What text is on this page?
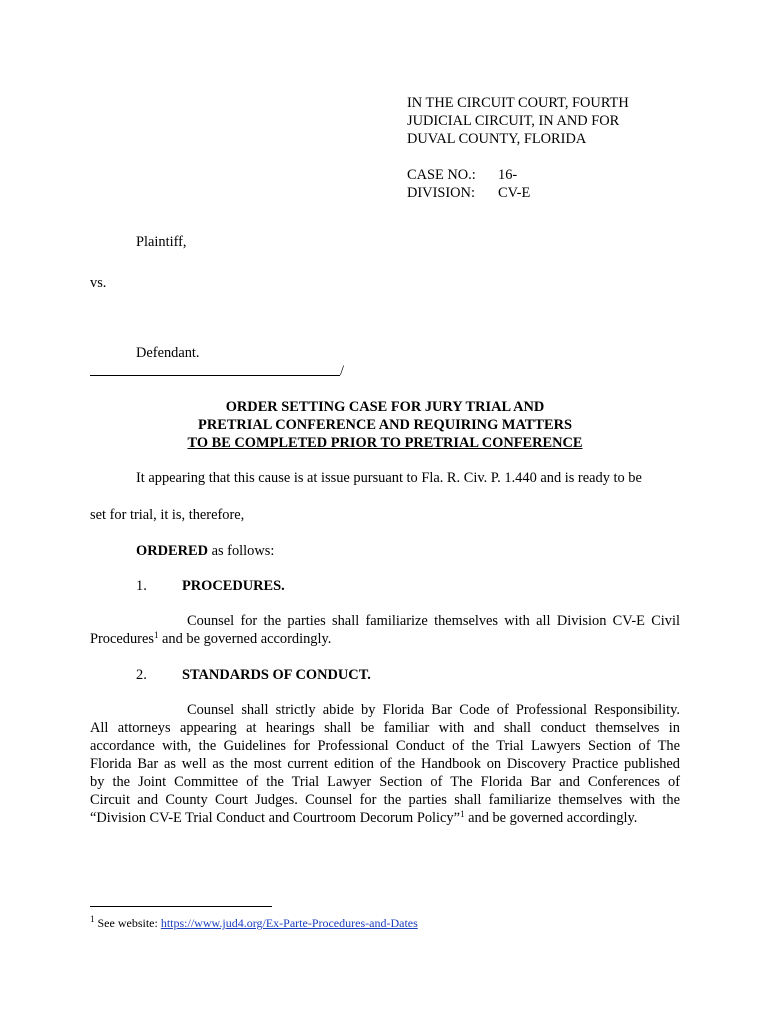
IN THE CIRCUIT COURT, FOURTH

JUDICIAL CIRCUIT, IN AND FOR

DUVAL COUNTY, FLORIDA

CASE NO.: 16-

DIVISION: CV-E

Plaintiff,

vs.

Defendant.

/

ORDER SETTING CASE FOR JURY TRIAL AND

PRETRIAL CONFERENCE AND REQUIRING MATTERS

TO BE COMPLETED PRIOR TO PRETRIAL CONFERENCE

It appearing that this cause is at issue pursuant to Fla. R. Civ. P. 1.440 and is ready to be

set for trial, it is, therefore,

ORDERED as follows:

1. PROCEDURES.

Counsel for the parties shall familiarize themselves with all Division CV-E Civil

Procedures$^1$ and be governed accordingly.

2. STANDARDS OF CONDUCT.

Counsel shall strictly abide by Florida Bar Code of Professional Responsibility.

All attorneys appearing at hearings shall be familiar with and shall conduct themselves in

accordance with, the Guidelines for Professional Conduct of the Trial Lawyers Section of The

Florida Bar as well as the most current edition of the Handbook on Discovery Practice published

by the Joint Committee of the Trial Lawyer Section of The Florida Bar and Conferences of

Circuit and County Court Judges. Counsel for the parties shall familiarize themselves with the

“Division CV-E Trial Conduct and Courtroom Decorum Policy”$^1$ and be governed accordingly.

$^1$ See website: https://www.jud4.org/Ex-Parte-Procedures-and-Dates
